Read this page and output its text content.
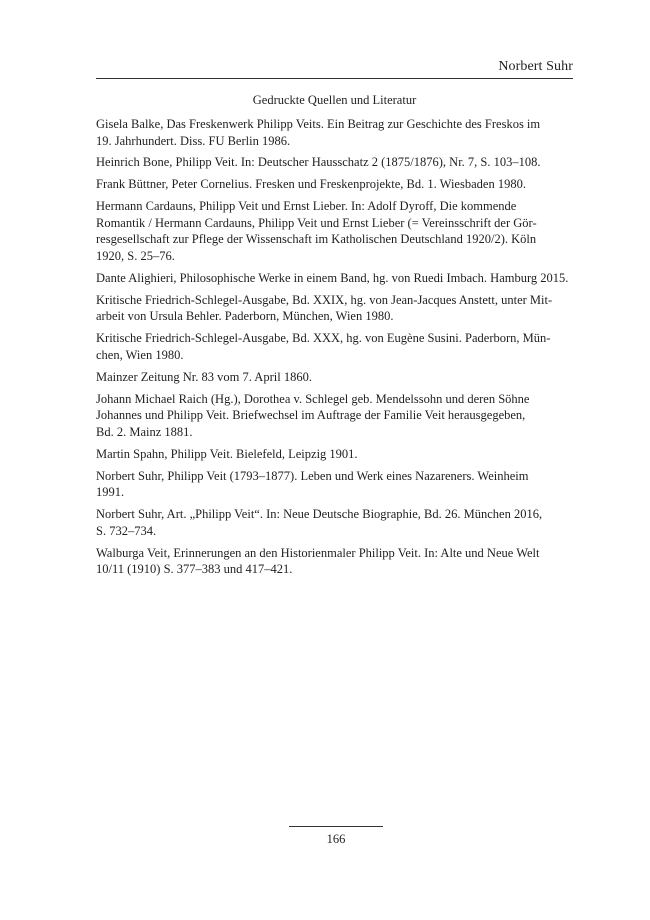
Norbert Suhr
Gedruckte Quellen und Literatur
Gisela Balke, Das Freskenwerk Philipp Veits. Ein Beitrag zur Geschichte des Freskos im
19. Jahrhundert. Diss. FU Berlin 1986.
Heinrich Bone, Philipp Veit. In: Deutscher Hausschatz 2 (1875/1876), Nr. 7, S. 103–108.
Frank Büttner, Peter Cornelius. Fresken und Freskenprojekte, Bd. 1. Wiesbaden 1980.
Hermann Cardauns, Philipp Veit und Ernst Lieber. In: Adolf Dyroff, Die kommende
Romantik / Hermann Cardauns, Philipp Veit und Ernst Lieber (= Vereinsschrift der Gör-
resgesellschaft zur Pflege der Wissenschaft im Katholischen Deutschland 1920/2). Köln
1920, S. 25–76.
Dante Alighieri, Philosophische Werke in einem Band, hg. von Ruedi Imbach. Hamburg 2015.
Kritische Friedrich-Schlegel-Ausgabe, Bd. XXIX, hg. von Jean-Jacques Anstett, unter Mit-
arbeit von Ursula Behler. Paderborn, München, Wien 1980.
Kritische Friedrich-Schlegel-Ausgabe, Bd. XXX, hg. von Eugène Susini. Paderborn, Mün-
chen, Wien 1980.
Mainzer Zeitung Nr. 83 vom 7. April 1860.
Johann Michael Raich (Hg.), Dorothea v. Schlegel geb. Mendelssohn und deren Söhne
Johannes und Philipp Veit. Briefwechsel im Auftrage der Familie Veit herausgegeben,
Bd. 2. Mainz 1881.
Martin Spahn, Philipp Veit. Bielefeld, Leipzig 1901.
Norbert Suhr, Philipp Veit (1793–1877). Leben und Werk eines Nazareners. Weinheim
1991.
Norbert Suhr, Art. „Philipp Veit“. In: Neue Deutsche Biographie, Bd. 26. München 2016,
S. 732–734.
Walburga Veit, Erinnerungen an den Historienmaler Philipp Veit. In: Alte und Neue Welt
10/11 (1910) S. 377–383 und 417–421.
166
